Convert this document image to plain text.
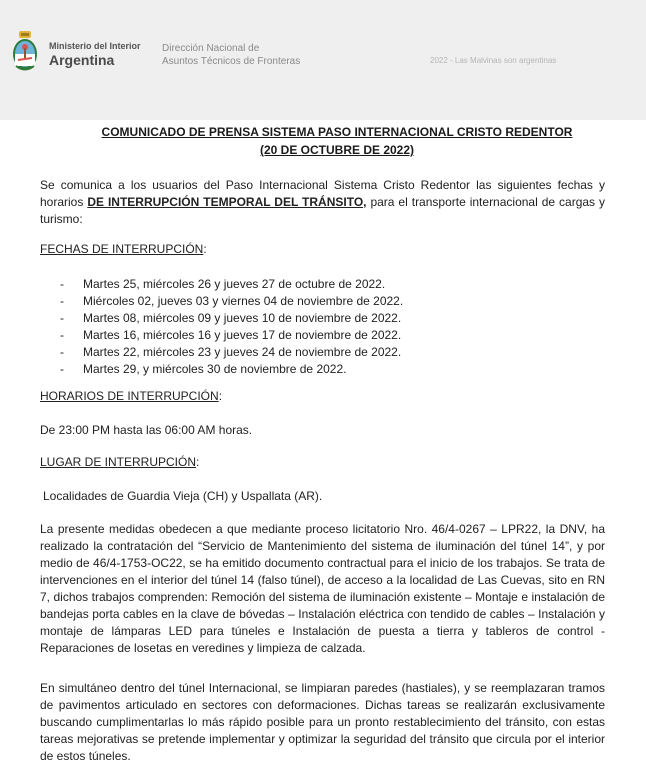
Ministerio del Interior
Argentina
Dirección Nacional de
Asuntos Técnicos de Fronteras	2022 - Las Malvinas son argentinas
COMUNICADO DE PRENSA SISTEMA PASO INTERNACIONAL CRISTO REDENTOR
(20 DE OCTUBRE DE 2022)
Se comunica a los usuarios del Paso Internacional Sistema Cristo Redentor las siguientes fechas y horarios DE INTERRUPCIÓN TEMPORAL DEL TRÁNSITO, para el transporte internacional de cargas y turismo:
FECHAS DE INTERRUPCIÓN:
-	Martes 25, miércoles 26 y jueves 27 de octubre de 2022.
-	Miércoles 02, jueves 03 y viernes 04 de noviembre de 2022.
-	Martes 08, miércoles 09 y jueves 10 de noviembre de 2022.
-	Martes 16, miércoles 16 y jueves 17 de noviembre de 2022.
-	Martes 22, miércoles 23 y jueves 24 de noviembre de 2022.
-	Martes 29, y miércoles 30 de noviembre de 2022.
HORARIOS DE INTERRUPCIÓN:
De 23:00 PM hasta las 06:00 AM horas.
LUGAR DE INTERRUPCIÓN:
Localidades de Guardia Vieja (CH) y Uspallata (AR).
La presente medidas obedecen a que mediante proceso licitatorio Nro. 46/4-0267 – LPR22, la DNV, ha realizado la contratación del “Servicio de Mantenimiento del sistema de iluminación del túnel 14”, y por medio de 46/4-1753-OC22, se ha emitido documento contractual para el inicio de los trabajos. Se trata de intervenciones en el interior del túnel 14 (falso túnel), de acceso a la localidad de Las Cuevas, sito en RN 7, dichos trabajos comprenden: Remoción del sistema de iluminación existente – Montaje e instalación de bandejas porta cables en la clave de bóvedas – Instalación eléctrica con tendido de cables – Instalación y montaje de lámparas LED para túneles e Instalación de puesta a tierra y tableros de control - Reparaciones de losetas en veredines y limpieza de calzada.
En simultáneo dentro del túnel Internacional, se limpiaran paredes (hastiales), y se reemplazaran tramos de pavimentos articulado en sectores con deformaciones. Dichas tareas se realizarán exclusivamente buscando cumplimentarlas lo más rápido posible para un pronto restablecimiento del tránsito, con estas tareas mejorativas se pretende implementar y optimizar la seguridad del tránsito que circula por el interior de estos túneles.
